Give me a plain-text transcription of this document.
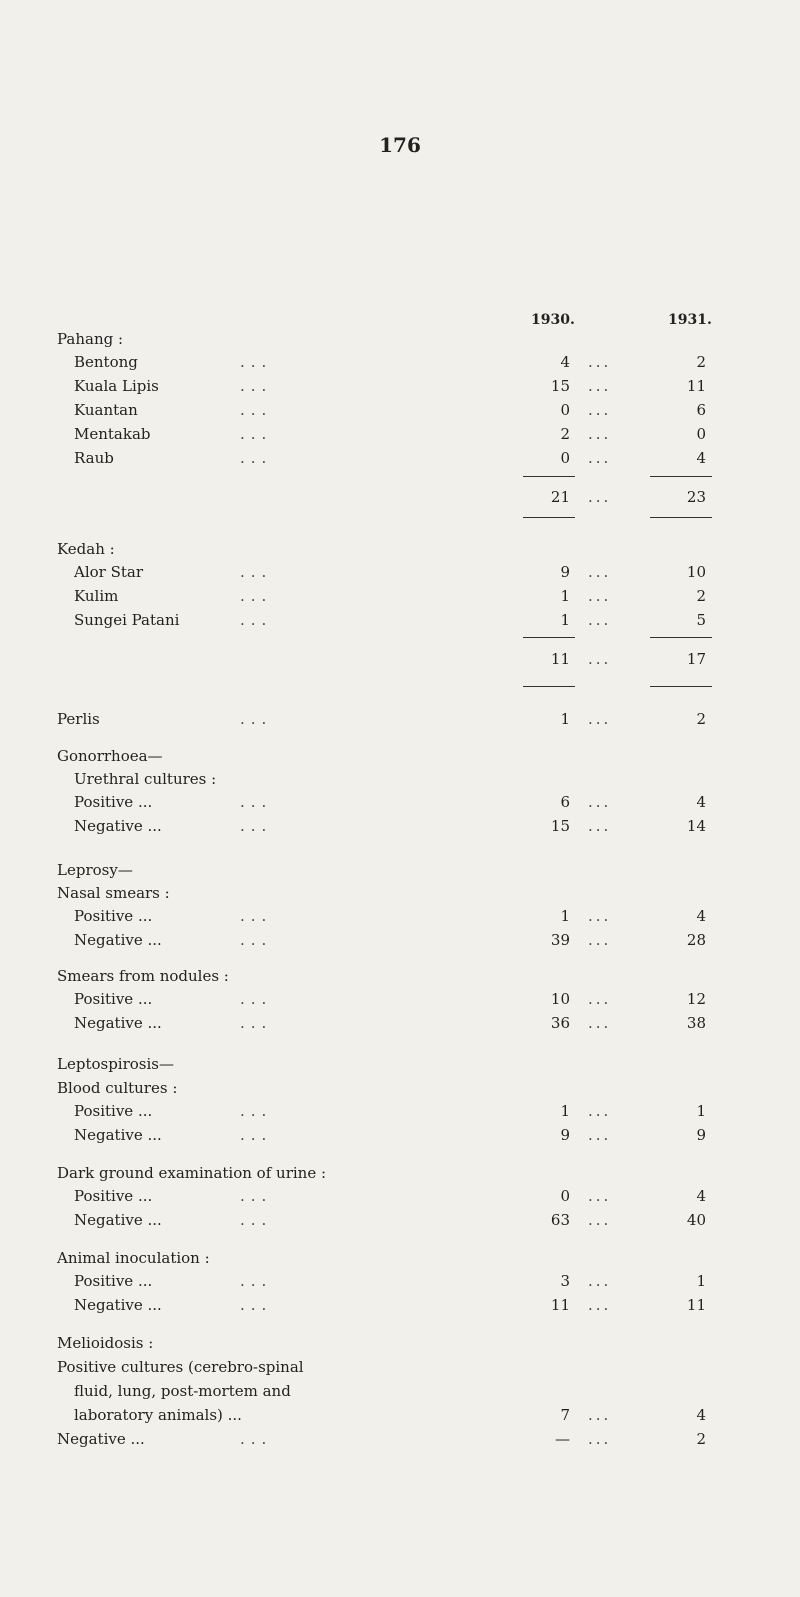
176
1930.	1931.
Pahang :
Bentong	...	4 ...	2
Kuala Lipis	...	15 ...	11
Kuantan	...	0 ...	6
Mentakab	...	2 ...	0
Raub	...	0 ...	4
21 ...	23
Kedah :
Alor Star	...	9 ...	10
Kulim	...	1 ...	2
Sungei Patani	...	1 ...	5
11 ...	17
Perlis	...	1 ...	2
Gonorrhoea—
Urethral cultures :
Positive ...	...	6 ...	4
Negative ...	...	15 ...	14
Leprosy—
Nasal smears :
Positive ...	...	1 ...	4
Negative ...	...	39 ...	28
Smears from nodules :
Positive ...	...	10 ...	12
Negative ...	...	36 ...	38
Leptospirosis—
Blood cultures :
Positive ...	...	1 ...	1
Negative ...	...	9 ...	9
Dark ground examination of urine :
Positive ...	...	0 ...	4
Negative ...	...	63 ...	40
Animal inoculation :
Positive ...	...	3 ...	1
Negative ...	...	11 ...	11
Melioidosis :
Positive cultures (cerebro-spinal
fluid, lung, post-mortem and
laboratory animals) ...	7 ...	4
Negative ...	...	— ...	2
